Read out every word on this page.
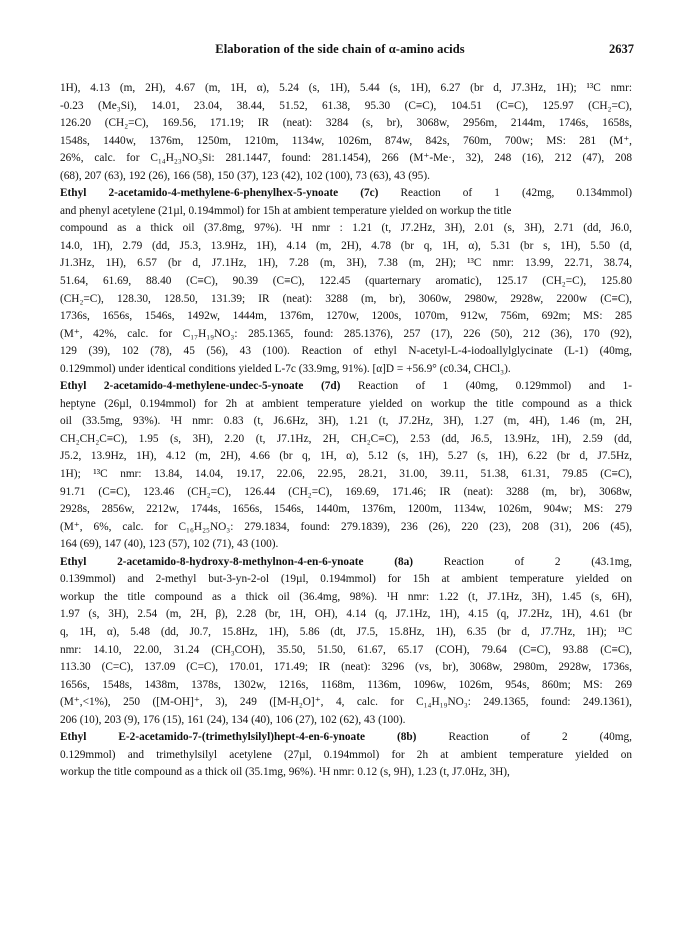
Elaboration of the side chain of α-amino acids	2637
1H), 4.13 (m, 2H), 4.67 (m, 1H, α), 5.24 (s, 1H), 5.44 (s, 1H), 6.27 (br d, J7.3Hz, 1H); ¹³C nmr:
-0.23 (Me₃Si), 14.01, 23.04, 38.44, 51.52, 61.38, 95.30 (C≡C), 104.51 (C≡C), 125.97 (CH₂=C),
126.20 (CH₂=C), 169.56, 171.19; IR (neat): 3284 (s, br), 3068w, 2956m, 2144m, 1746s, 1658s,
1548s, 1440w, 1376m, 1250m, 1210m, 1134w, 1026m, 874w, 842s, 760m, 700w; MS: 281 (M⁺,
26%, calc. for C₁₄H₂₃NO₃Si: 281.1447, found: 281.1454), 266 (M⁺-Me·, 32), 248 (16), 212 (47), 208
(68), 207 (63), 192 (26), 166 (58), 150 (37), 123 (42), 102 (100), 73 (63), 43 (95).
Ethyl 2-acetamido-4-methylene-6-phenylhex-5-ynoate (7c) Reaction of 1 (42mg, 0.134mmol)
and phenyl acetylene (21µl, 0.194mmol) for 15h at ambient temperature yielded on workup the title
compound as a thick oil (37.8mg, 97%). ¹H nmr : 1.21 (t, J7.2Hz, 3H), 2.01 (s, 3H), 2.71 (dd, J6.0,
14.0, 1H), 2.79 (dd, J5.3, 13.9Hz, 1H), 4.14 (m, 2H), 4.78 (br q, 1H, α), 5.31 (br s, 1H), 5.50 (d,
J1.3Hz, 1H), 6.57 (br d, J7.1Hz, 1H), 7.28 (m, 3H), 7.38 (m, 2H); ¹³C nmr: 13.99, 22.71, 38.74,
51.64, 61.69, 88.40 (C≡C), 90.39 (C≡C), 122.45 (quarternary aromatic), 125.17 (CH₂=C), 125.80
(CH₂=C), 128.30, 128.50, 131.39; IR (neat): 3288 (m, br), 3060w, 2980w, 2928w, 2200w (C≡C),
1736s, 1656s, 1546s, 1492w, 1444m, 1376m, 1270w, 1200s, 1070m, 912w, 756m, 692m; MS: 285
(M⁺, 42%, calc. for C₁₇H₁₉NO₃: 285.1365, found: 285.1376), 257 (17), 226 (50), 212 (36), 170 (92),
129 (39), 102 (78), 45 (56), 43 (100). Reaction of ethyl N-acetyl-L-4-iodoallylglycinate (L-1) (40mg,
0.129mmol) under identical conditions yielded L-7c (33.9mg, 91%). [α]D = +56.9° (c0.34, CHCl₃).
Ethyl 2-acetamido-4-methylene-undec-5-ynoate (7d) Reaction of 1 (40mg, 0.129mmol) and 1-
heptyne (26µl, 0.194mmol) for 2h at ambient temperature yielded on workup the title compound as a thick
oil (33.5mg, 93%). ¹H nmr: 0.83 (t, J6.6Hz, 3H), 1.21 (t, J7.2Hz, 3H), 1.27 (m, 4H), 1.46 (m, 2H,
CH₂CH₂C≡C), 1.95 (s, 3H), 2.20 (t, J7.1Hz, 2H, CH₂C≡C), 2.53 (dd, J6.5, 13.9Hz, 1H), 2.59 (dd,
J5.2, 13.9Hz, 1H), 4.12 (m, 2H), 4.66 (br q, 1H, α), 5.12 (s, 1H), 5.27 (s, 1H), 6.22 (br d, J7.5Hz,
1H); ¹³C nmr: 13.84, 14.04, 19.17, 22.06, 22.95, 28.21, 31.00, 39.11, 51.38, 61.31, 79.85 (C≡C),
91.71 (C≡C), 123.46 (CH₂=C), 126.44 (CH₂=C), 169.69, 171.46; IR (neat): 3288 (m, br), 3068w,
2928s, 2856w, 2212w, 1744s, 1656s, 1546s, 1440m, 1376m, 1200m, 1134w, 1026m, 904w; MS: 279
(M⁺, 6%, calc. for C₁₆H₂₅NO₃: 279.1834, found: 279.1839), 236 (26), 220 (23), 208 (31), 206 (45),
164 (69), 147 (40), 123 (57), 102 (71), 43 (100).
Ethyl 2-acetamido-8-hydroxy-8-methylnon-4-en-6-ynoate (8a) Reaction of 2 (43.1mg,
0.139mmol) and 2-methyl but-3-yn-2-ol (19µl, 0.194mmol) for 15h at ambient temperature yielded on
workup the title compound as a thick oil (36.4mg, 98%). ¹H nmr: 1.22 (t, J7.1Hz, 3H), 1.45 (s, 6H),
1.97 (s, 3H), 2.54 (m, 2H, β), 2.28 (br, 1H, OH), 4.14 (q, J7.1Hz, 1H), 4.15 (q, J7.2Hz, 1H), 4.61 (br
q, 1H, α), 5.48 (dd, J0.7, 15.8Hz, 1H), 5.86 (dt, J7.5, 15.8Hz, 1H), 6.35 (br d, J7.7Hz, 1H); ¹³C
nmr: 14.10, 22.00, 31.24 (CH₃COH), 35.50, 51.50, 61.67, 65.17 (COH), 79.64 (C≡C), 93.88 (C≡C),
113.30 (C=C), 137.09 (C=C), 170.01, 171.49; IR (neat): 3296 (vs, br), 3068w, 2980m, 2928w, 1736s,
1656s, 1548s, 1438m, 1378s, 1302w, 1216s, 1168m, 1136m, 1096w, 1026m, 954s, 860m; MS: 269
(M⁺,<1%), 250 ([M-OH]⁺, 3), 249 ([M-H₂O]⁺, 4, calc. for C₁₄H₁₉NO₃: 249.1365, found: 249.1361),
206 (10), 203 (9), 176 (15), 161 (24), 134 (40), 106 (27), 102 (62), 43 (100).
Ethyl E-2-acetamido-7-(trimethylsilyl)hept-4-en-6-ynoate (8b) Reaction of 2 (40mg,
0.129mmol) and trimethylsilyl acetylene (27µl, 0.194mmol) for 2h at ambient temperature yielded on
workup the title compound as a thick oil (35.1mg, 96%). ¹H nmr: 0.12 (s, 9H), 1.23 (t, J7.0Hz, 3H),
